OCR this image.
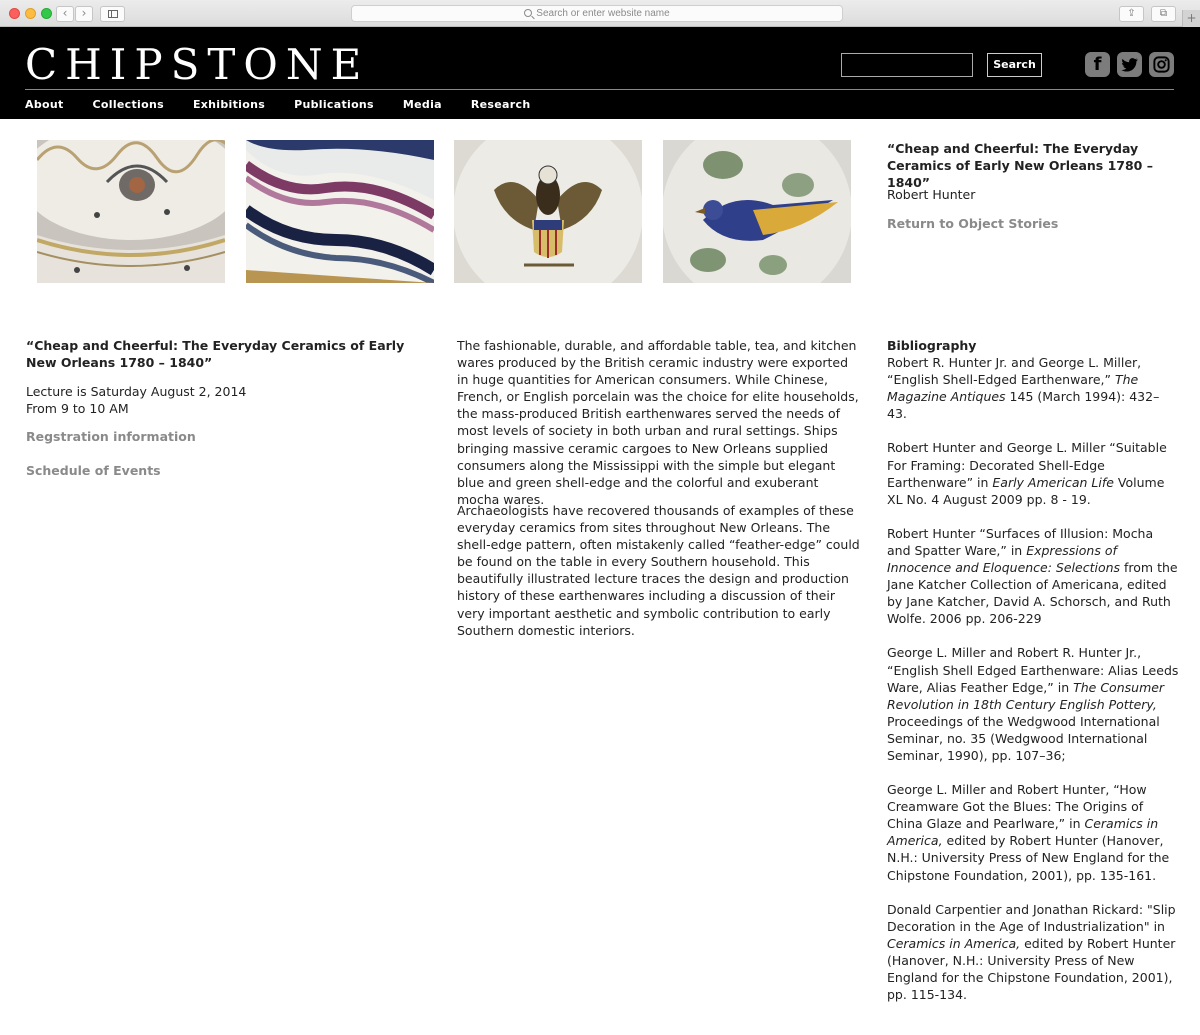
‹	›	Search or enter website name	⇪	⧉	+
CHIPSTONE	Search	f
About	Collections	Exhibitions	Publications	Media	Research
“Cheap and Cheerful: The Everyday Ceramics of Early New Orleans 1780 – 1840”
Robert Hunter
Return to Object Stories
“Cheap and Cheerful: The Everyday Ceramics of Early New Orleans 1780 – 1840”
Lecture is Saturday August 2, 2014
From 9 to 10 AM
Regstration information
Schedule of Events
The fashionable, durable, and affordable table, tea, and kitchen wares produced by the British ceramic industry were exported in huge quantities for American consumers. While Chinese, French, or English porcelain was the choice for elite households, the mass-produced British earthenwares served the needs of most levels of society in both urban and rural settings. Ships bringing massive ceramic cargoes to New Orleans supplied consumers along the Mississippi with the simple but elegant blue and green shell-edge and the colorful and exuberant mocha wares.
Archaeologists have recovered thousands of examples of these everyday ceramics from sites throughout New Orleans. The shell-edge pattern, often mistakenly called “feather-edge” could be found on the table in every Southern household. This beautifully illustrated lecture traces the design and production history of these earthenwares including a discussion of their very important aesthetic and symbolic contribution to early Southern domestic interiors.
Bibliography
Robert R. Hunter Jr. and George L. Miller, “English Shell-Edged Earthenware,” The Magazine Antiques 145 (March 1994): 432–43.
Robert Hunter and George L. Miller “Suitable For Framing: Decorated Shell-Edge Earthenware” in Early American Life Volume XL No. 4 August 2009 pp. 8 - 19.
Robert Hunter “Surfaces of Illusion: Mocha and Spatter Ware,” in Expressions of Innocence and Eloquence: Selections from the Jane Katcher Collection of Americana, edited by Jane Katcher, David A. Schorsch, and Ruth Wolfe. 2006 pp. 206-229
George L. Miller and Robert R. Hunter Jr., “English Shell Edged Earthenware: Alias Leeds Ware, Alias Feather Edge,” in The Consumer Revolution in 18th Century English Pottery, Proceedings of the Wedgwood International Seminar, no. 35 (Wedgwood International Seminar, 1990), pp. 107–36;
George L. Miller and Robert Hunter, “How Creamware Got the Blues: The Origins of China Glaze and Pearlware,” in Ceramics in America, edited by Robert Hunter (Hanover, N.H.: University Press of New England for the Chipstone Foundation, 2001), pp. 135-161.
Donald Carpentier and Jonathan Rickard: "Slip Decoration in the Age of Industrialization" in Ceramics in America, edited by Robert Hunter (Hanover, N.H.: University Press of New England for the Chipstone Foundation, 2001), pp. 115-134.
